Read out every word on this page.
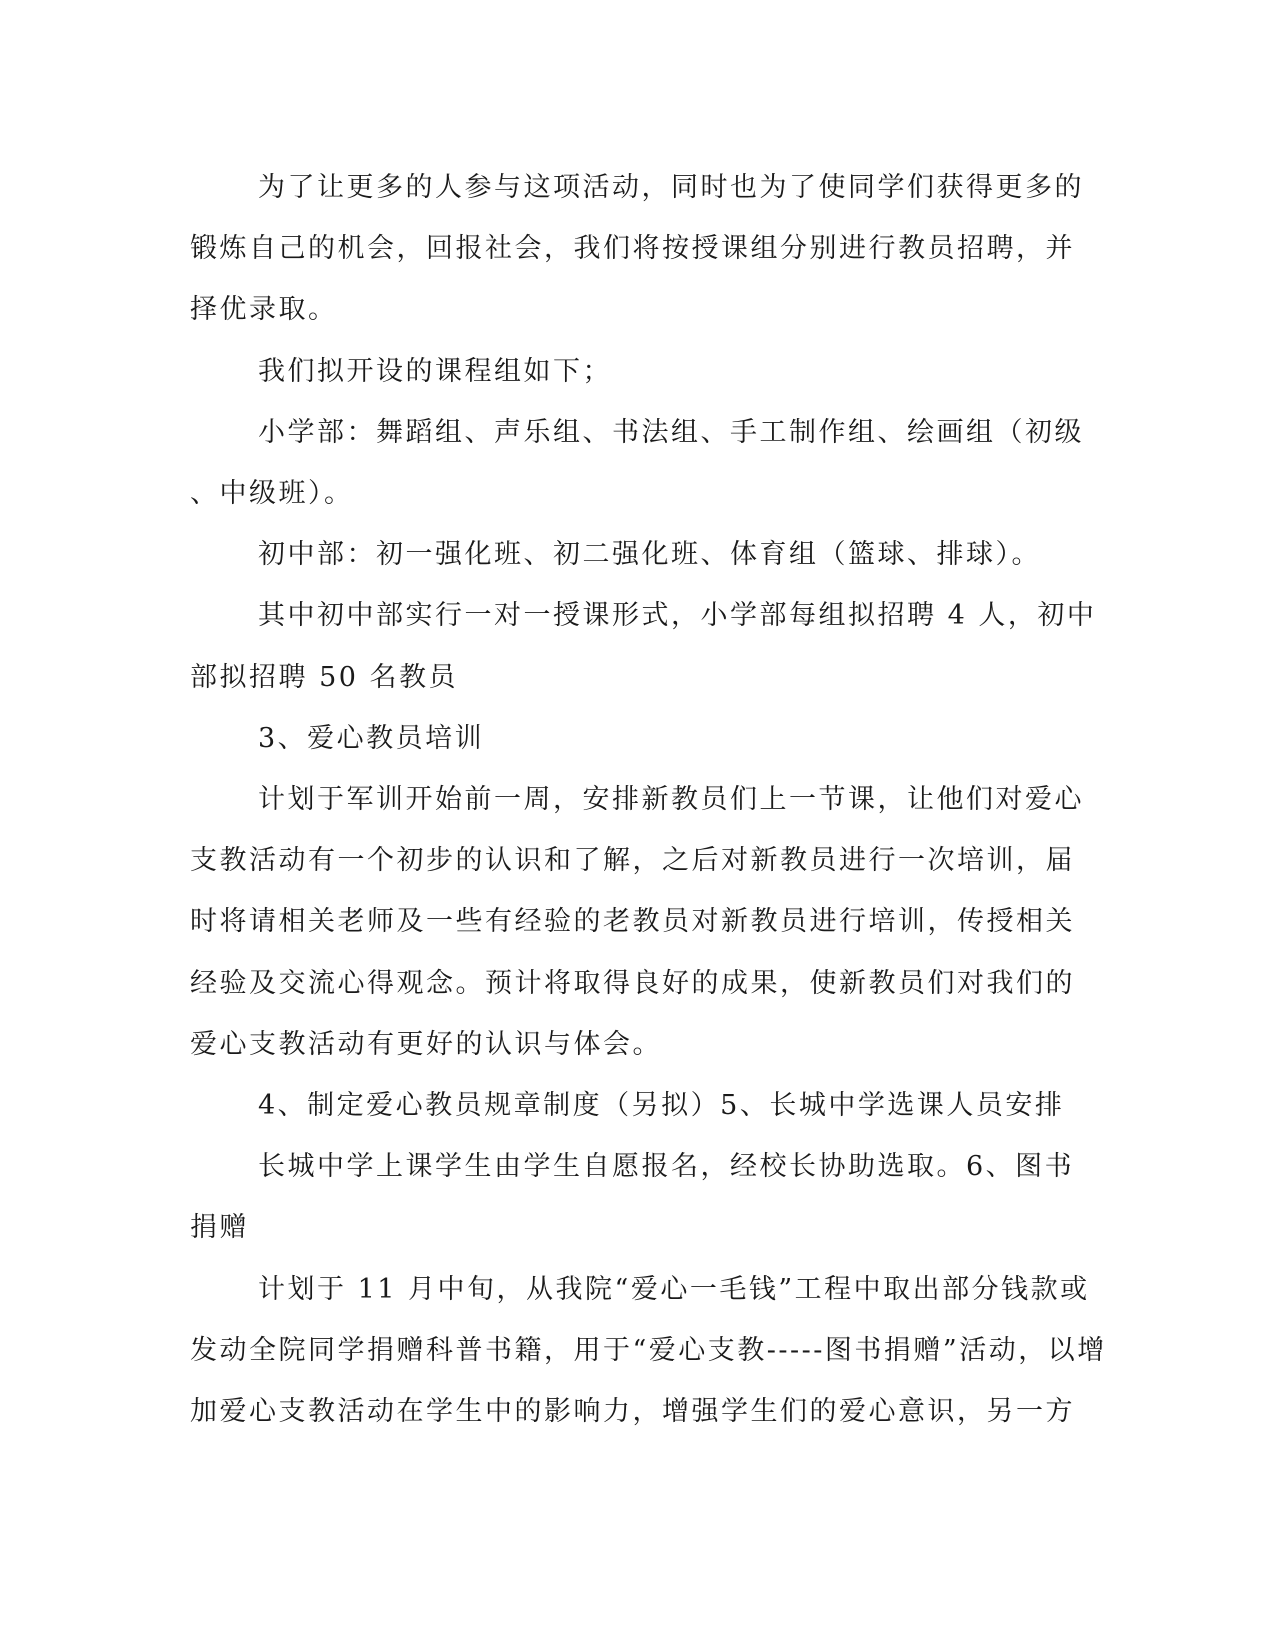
为了让更多的人参与这项活动，同时也为了使同学们获得更多的
锻炼自己的机会，回报社会，我们将按授课组分别进行教员招聘，并
择优录取。

我们拟开设的课程组如下；

小学部：舞蹈组、声乐组、书法组、手工制作组、绘画组（初级
、中级班）。

初中部：初一强化班、初二强化班、体育组（篮球、排球）。

其中初中部实行一对一授课形式，小学部每组拟招聘 4 人，初中
部拟招聘 50 名教员

3、爱心教员培训

计划于军训开始前一周，安排新教员们上一节课，让他们对爱心
支教活动有一个初步的认识和了解，之后对新教员进行一次培训，届
时将请相关老师及一些有经验的老教员对新教员进行培训，传授相关
经验及交流心得观念。预计将取得良好的成果，使新教员们对我们的
爱心支教活动有更好的认识与体会。

4、制定爱心教员规章制度（另拟）5、长城中学选课人员安排

长城中学上课学生由学生自愿报名，经校长协助选取。6、图书
捐赠

计划于 11 月中旬，从我院“爱心一毛钱”工程中取出部分钱款或
发动全院同学捐赠科普书籍，用于“爱心支教-----图书捐赠”活动，以增
加爱心支教活动在学生中的影响力，增强学生们的爱心意识，另一方
